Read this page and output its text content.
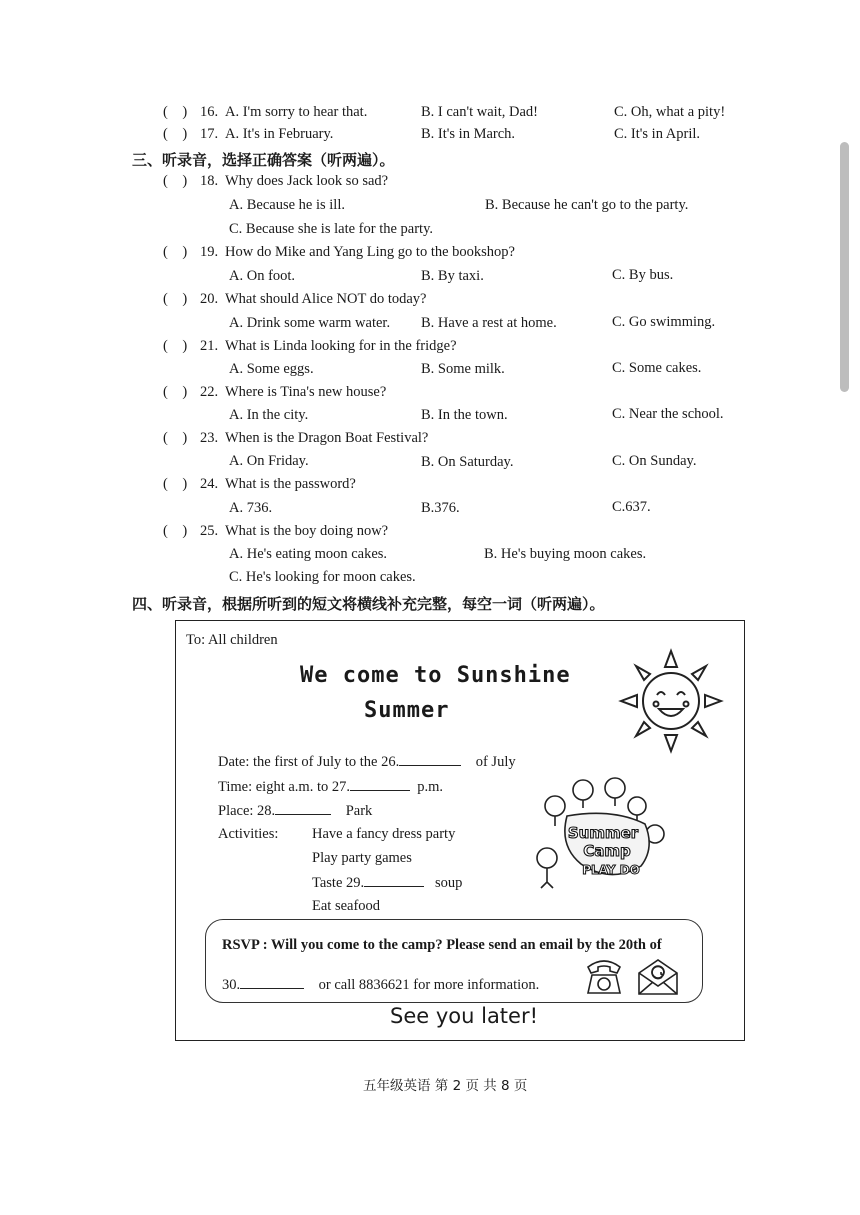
( ) 16. A. I'm sorry to hear that.	B. I can't wait, Dad!	C. Oh, what a pity!
( ) 17. A. It's in February.	B. It's in March.	C. It's in April.
三、听录音，选择正确答案（听两遍）。
( ) 18. Why does Jack look so sad?
A. Because he is ill.	B. Because he can't go to the party.
C. Because she is late for the party.
( ) 19. How do Mike and Yang Ling go to the bookshop?
A. On foot.	B. By taxi.	C. By bus.
( ) 20. What should Alice NOT do today?
A. Drink some warm water. B. Have a rest at home.	C. Go swimming.
( ) 21. What is Linda looking for in the fridge?
A. Some eggs.	B. Some milk.	C. Some cakes.
( ) 22. Where is Tina's new house?
A. In the city.	B. In the town.	C. Near the school.
( ) 23. When is the Dragon Boat Festival?
A. On Friday.	B. On Saturday.	C. On Sunday.
( ) 24. What is the password?
A. 736.	B.376.	C.637.
( ) 25. What is the boy doing now?
A. He's eating moon cakes.	B. He's buying moon cakes.
C. He's looking for moon cakes.
四、听录音，根据所听到的短文将横线补充完整，每空一词（听两遍）。
To: All children
We come to Sunshine
Summer
Date: the first of July to the 26.	of July
Time: eight a.m. to 27.	p.m.
Place: 28.	Park
Activities: Have a fancy dress party
Play party games
Taste 29.	soup
Eat seafood
Summer
Camp
PLAY DO
RSVP : Will you come to the camp? Please send an email by the 20th of
30.	or call 8836621 for more information.
See you later!
五年级英语 第 2 页 共 8 页
